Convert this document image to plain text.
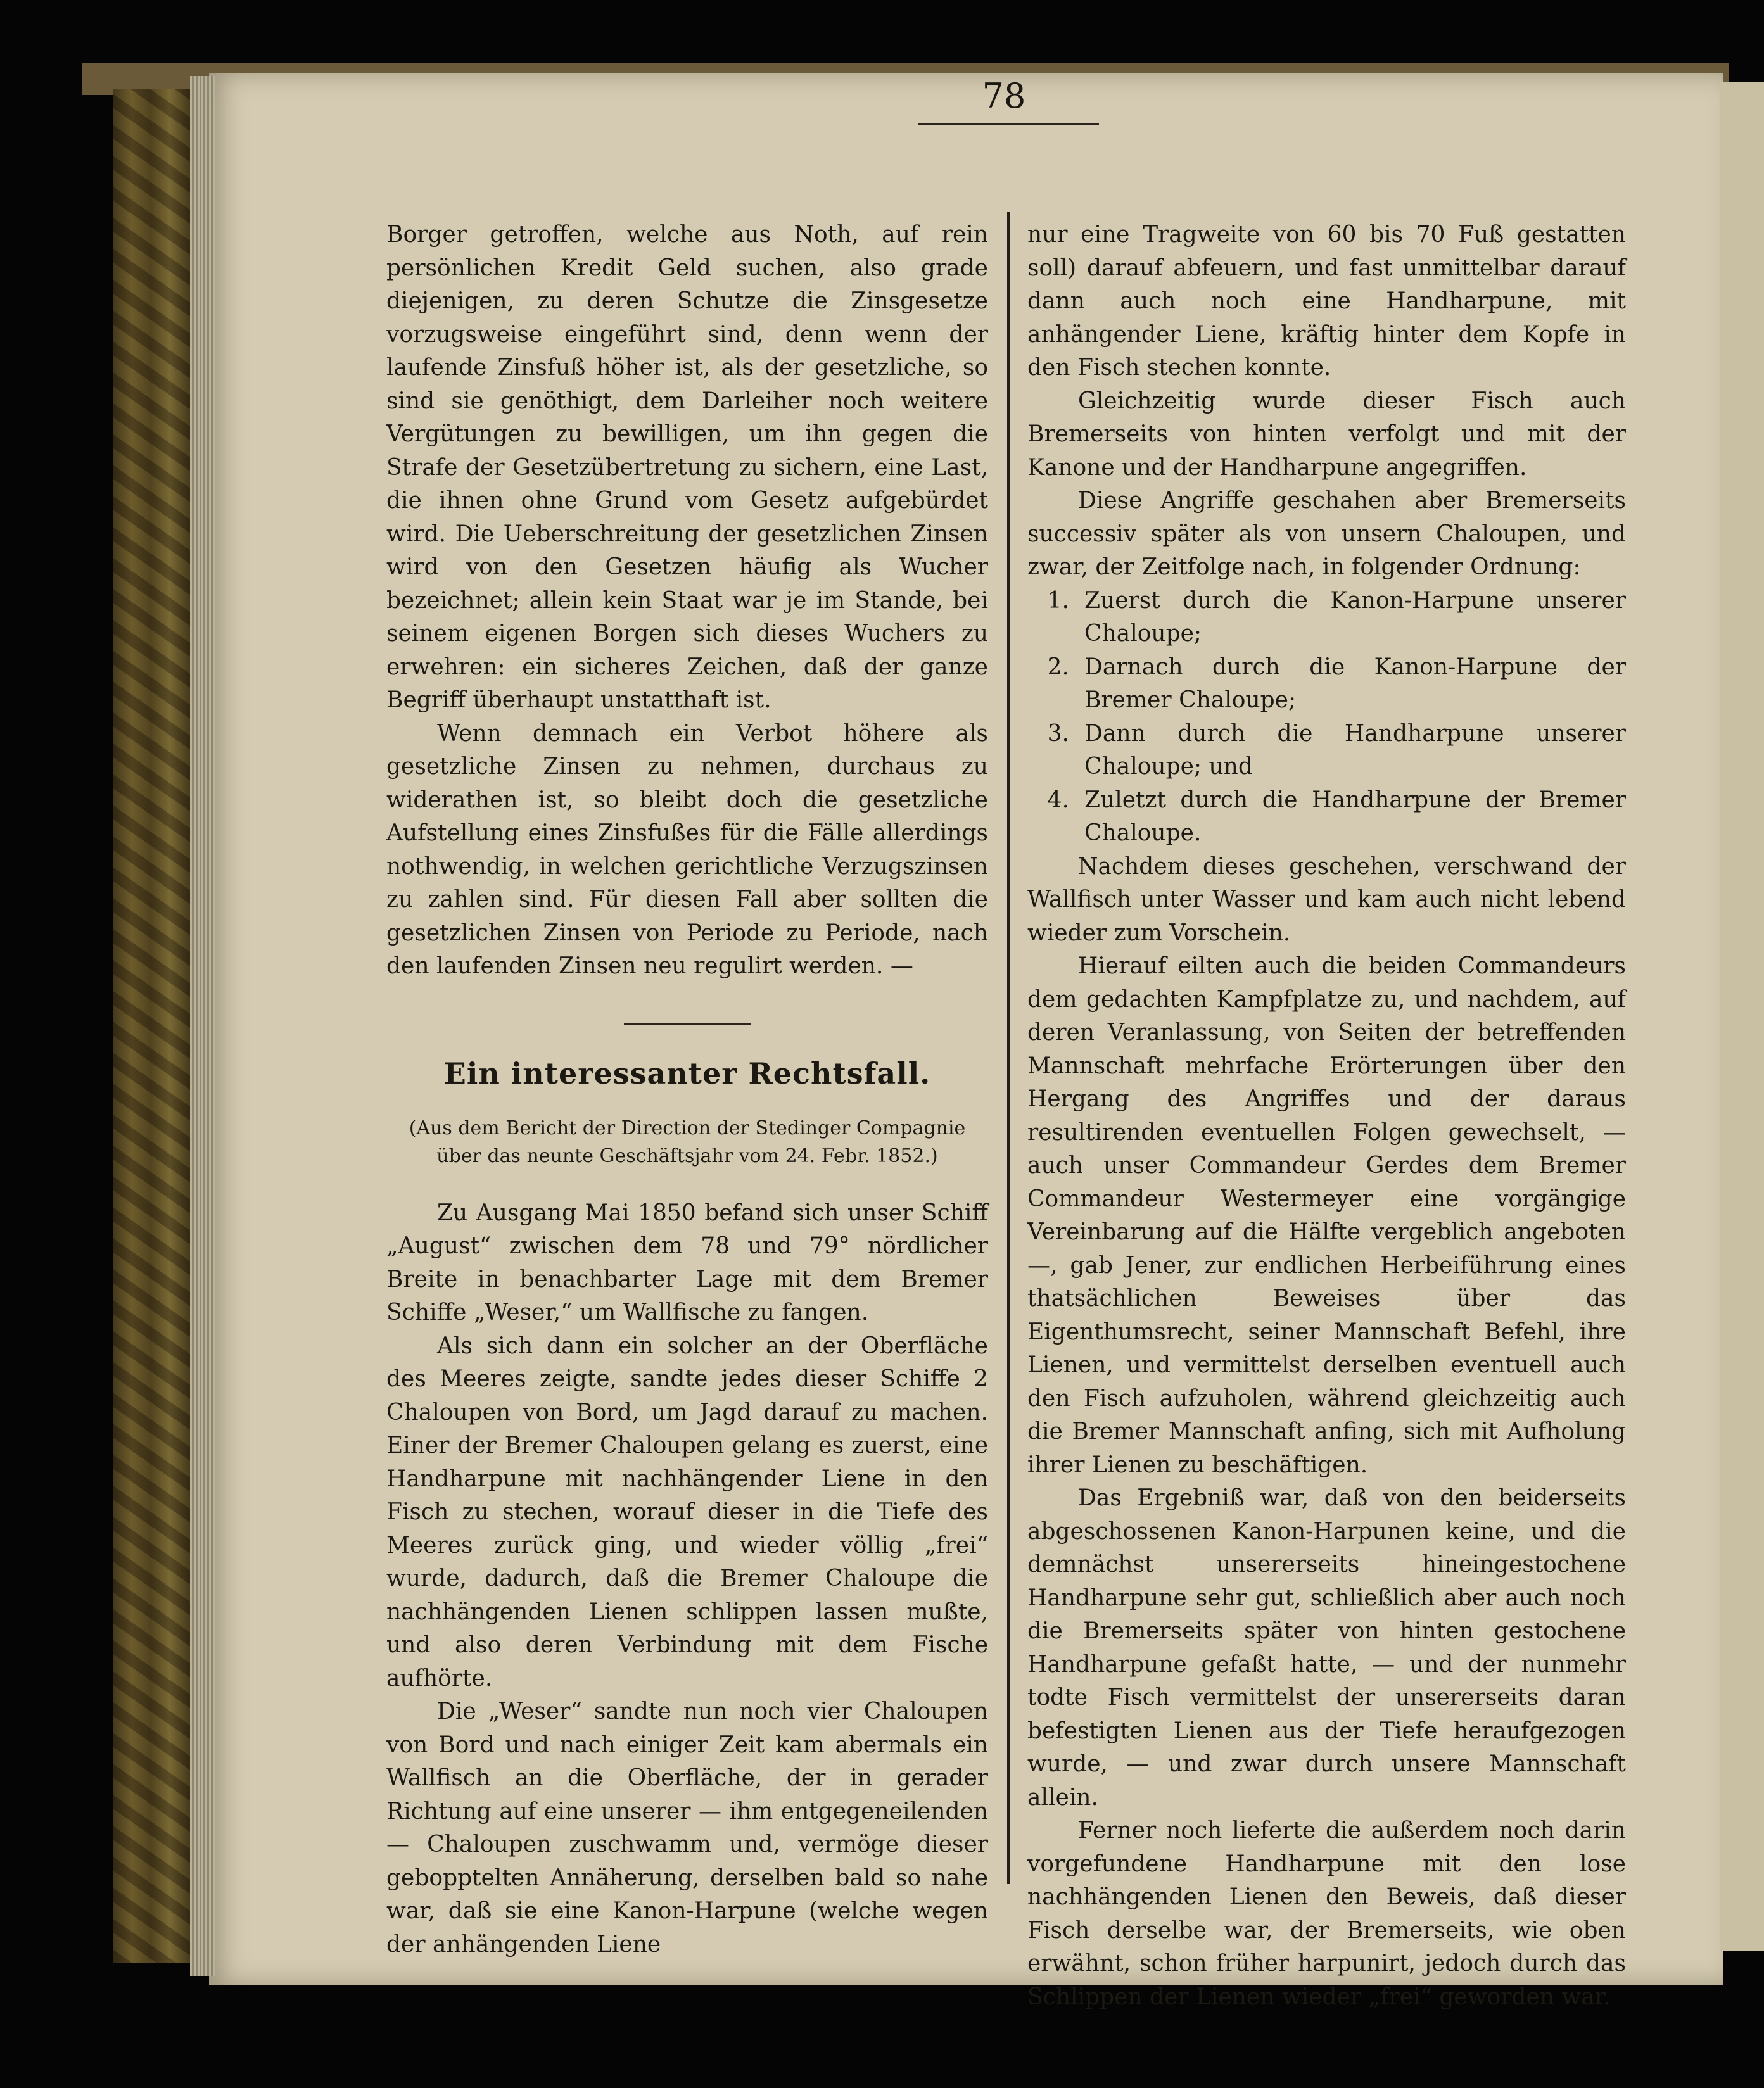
78

Borger getroffen, welche aus Noth, auf rein persönlichen Kredit Geld suchen, also grade diejenigen, zu deren Schutze die Zinsgesetze vorzugsweise eingeführt sind, denn wenn der laufende Zinsfuß höher ist, als der gesetzliche, so sind sie genöthigt, dem Darleiher noch weitere Vergütungen zu bewilligen, um ihn gegen die Strafe der Gesetzübertretung zu sichern, eine Last, die ihnen ohne Grund vom Gesetz aufgebürdet wird. Die Ueberschreitung der gesetzlichen Zinsen wird von den Gesetzen häufig als Wucher bezeichnet; allein kein Staat war je im Stande, bei seinem eigenen Borgen sich dieses Wuchers zu erwehren: ein sicheres Zeichen, daß der ganze Begriff überhaupt unstatthaft ist.

Wenn demnach ein Verbot höhere als gesetzliche Zinsen zu nehmen, durchaus zu widerathen ist, so bleibt doch die gesetzliche Aufstellung eines Zinsfußes für die Fälle allerdings nothwendig, in welchen gerichtliche Verzugszinsen zu zahlen sind. Für diesen Fall aber sollten die gesetzlichen Zinsen von Periode zu Periode, nach den laufenden Zinsen neu regulirt werden. —

Ein interessanter Rechtsfall.
(Aus dem Bericht der Direction der Stedinger Compagnie über das neunte Geschäftsjahr vom 24. Febr. 1852.)

Zu Ausgang Mai 1850 befand sich unser Schiff „August“ zwischen dem 78 und 79° nördlicher Breite in benachbarter Lage mit dem Bremer Schiffe „Weser,“ um Wallfische zu fangen.

Als sich dann ein solcher an der Oberfläche des Meeres zeigte, sandte jedes dieser Schiffe 2 Chaloupen von Bord, um Jagd darauf zu machen. Einer der Bremer Chaloupen gelang es zuerst, eine Handharpune mit nachhängender Liene in den Fisch zu stechen, worauf dieser in die Tiefe des Meeres zurück ging, und wieder völlig „frei“ wurde, dadurch, daß die Bremer Chaloupe die nachhängenden Lienen schlippen lassen mußte, und also deren Verbindung mit dem Fische aufhörte.

Die „Weser“ sandte nun noch vier Chaloupen von Bord und nach einiger Zeit kam abermals ein Wallfisch an die Oberfläche, der in gerader Richtung auf eine unserer — ihm entgegeneilenden — Chaloupen zuschwamm und, vermöge dieser gebopptelten Annäherung, derselben bald so nahe war, daß sie eine Kanon-Harpune (welche wegen der anhängenden Liene

nur eine Tragweite von 60 bis 70 Fuß gestatten soll) darauf abfeuern, und fast unmittelbar darauf dann auch noch eine Handharpune, mit anhängender Liene, kräftig hinter dem Kopfe in den Fisch stechen konnte.

Gleichzeitig wurde dieser Fisch auch Bremerseits von hinten verfolgt und mit der Kanone und der Handharpune angegriffen.

Diese Angriffe geschahen aber Bremerseits successiv später als von unsern Chaloupen, und zwar, der Zeitfolge nach, in folgender Ordnung:

1. Zuerst durch die Kanon-Harpune unserer Chaloupe;
2. Darnach durch die Kanon-Harpune der Bremer Chaloupe;
3. Dann durch die Handharpune unserer Chaloupe; und
4. Zuletzt durch die Handharpune der Bremer Chaloupe.

Nachdem dieses geschehen, verschwand der Wallfisch unter Wasser und kam auch nicht lebend wieder zum Vorschein.

Hierauf eilten auch die beiden Commandeurs dem gedachten Kampfplatze zu, und nachdem, auf deren Veranlassung, von Seiten der betreffenden Mannschaft mehrfache Erörterungen über den Hergang des Angriffes und der daraus resultirenden eventuellen Folgen gewechselt, — auch unser Commandeur Gerdes dem Bremer Commandeur Westermeyer eine vorgängige Vereinbarung auf die Hälfte vergeblich angeboten —, gab Jener, zur endlichen Herbeiführung eines thatsächlichen Beweises über das Eigenthumsrecht, seiner Mannschaft Befehl, ihre Lienen, und vermittelst derselben eventuell auch den Fisch aufzuholen, während gleichzeitig auch die Bremer Mannschaft anfing, sich mit Aufholung ihrer Lienen zu beschäftigen.

Das Ergebniß war, daß von den beiderseits abgeschossenen Kanon-Harpunen keine, und die demnächst unsererseits hineingestochene Handharpune sehr gut, schließlich aber auch noch die Bremerseits später von hinten gestochene Handharpune gefaßt hatte, — und der nunmehr todte Fisch vermittelst der unsererseits daran befestigten Lienen aus der Tiefe heraufgezogen wurde, — und zwar durch unsere Mannschaft allein.

Ferner noch lieferte die außerdem noch darin vorgefundene Handharpune mit den lose nachhängenden Lienen den Beweis, daß dieser Fisch derselbe war, der Bremerseits, wie oben erwähnt, schon früher harpunirt, jedoch durch das Schlippen der Lienen wieder „frei“ geworden war.
